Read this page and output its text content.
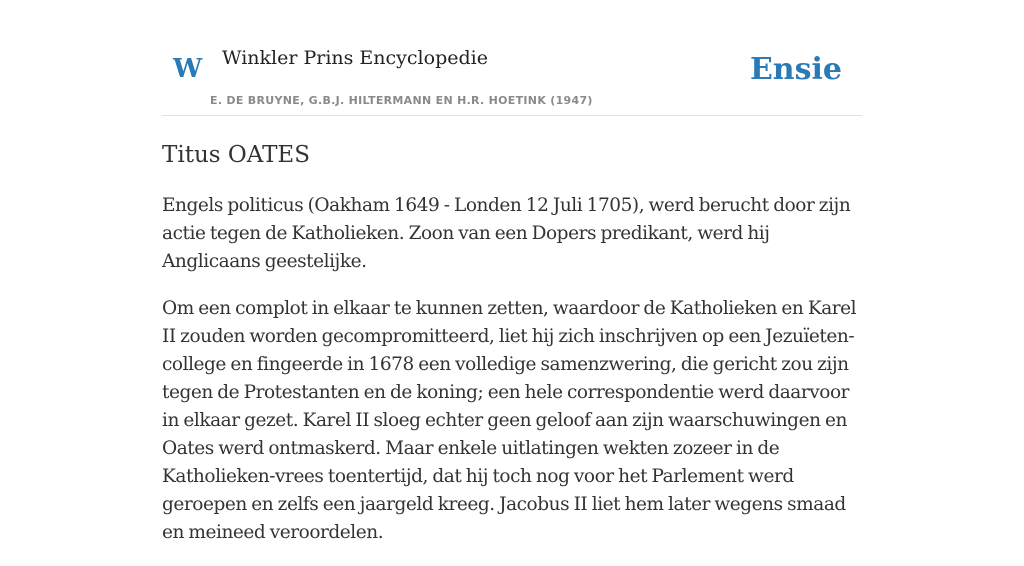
W Winkler Prins Encyclopedie
E. DE BRUYNE, G.B.J. HILTERMANN EN H.R. HOETINK (1947)
Ensie
Titus OATES

Engels politicus (Oakham 1649 - Londen 12 Juli 1705), werd berucht door zijn actie tegen de Katholieken. Zoon van een Dopers predikant, werd hij Anglicaans geestelijke.

Om een complot in elkaar te kunnen zetten, waardoor de Katholieken en Karel II zouden worden gecompromitteerd, liet hij zich inschrijven op een Jezuïeten-college en fingeerde in 1678 een volledige samenzwering, die gericht zou zijn tegen de Protestanten en de koning; een hele correspondentie werd daarvoor in elkaar gezet. Karel II sloeg echter geen geloof aan zijn waarschuwingen en Oates werd ontmaskerd. Maar enkele uitlatingen wekten zozeer in de Katholieken-vrees toentertijd, dat hij toch nog voor het Parlement werd geroepen en zelfs een jaargeld kreeg. Jacobus II liet hem later wegens smaad en meineed veroordelen.
